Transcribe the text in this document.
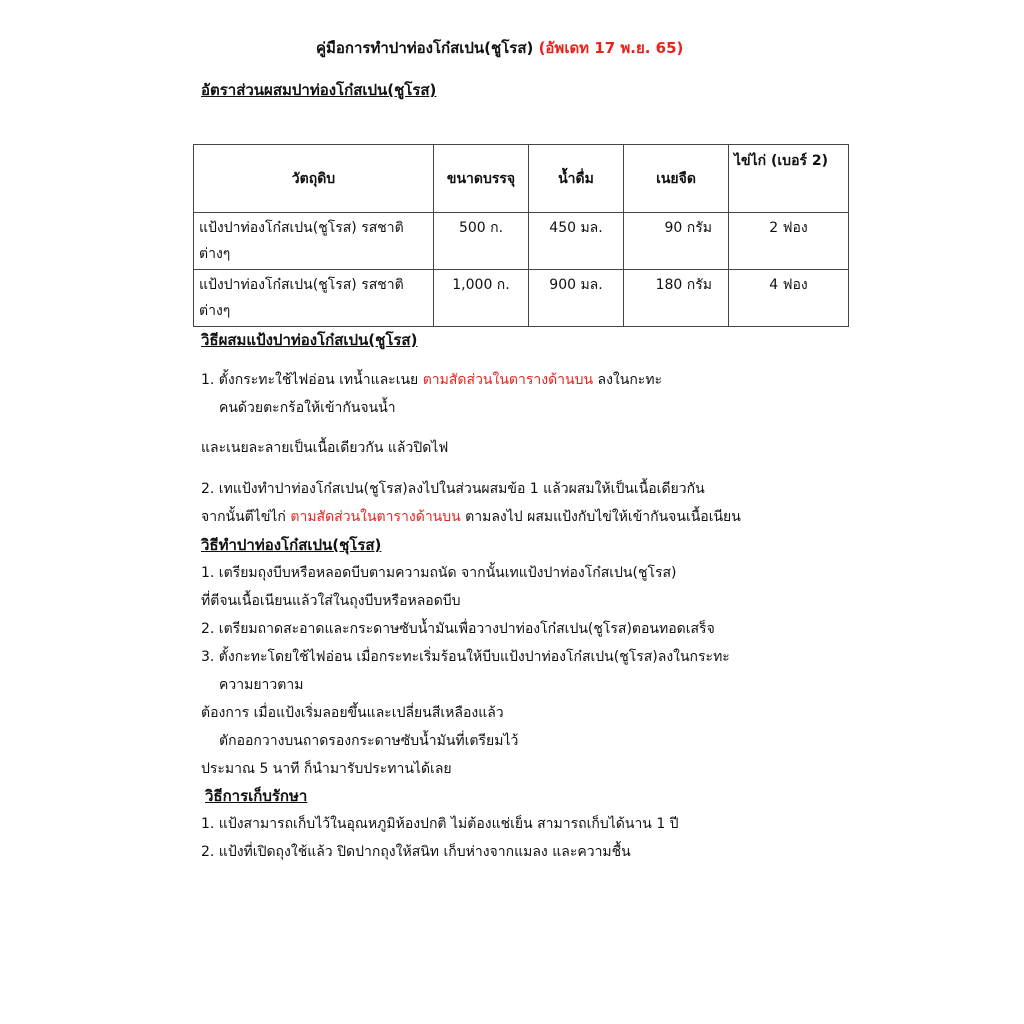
คู่มือการทำปาท่องโก๋สเปน(ชูโรส) (อัพเดท 17 พ.ย. 65)
อัตราส่วนผสมปาท่องโก๋สเปน(ชูโรส)
วัตถุดิบ	ขนาดบรรจุ	น้ำดื่ม	เนยจืด	ไข่ไก่ (เบอร์ 2)
แป้งปาท่องโก๋สเปน(ชูโรส) รสชาติต่างๆ	500 ก.	450 มล.	90 กรัม	2 ฟอง
แป้งปาท่องโก๋สเปน(ชูโรส) รสชาติต่างๆ	1,000 ก.	900 มล.	180 กรัม	4 ฟอง
วิธีผสมแป้งปาท่องโก๋สเปน(ชูโรส)
1. ตั้งกระทะใช้ไฟอ่อน เทน้ำและเนย ตามสัดส่วนในตารางด้านบน ลงในกะทะ
คนด้วยตะกร้อให้เข้ากันจนน้ำ
และเนยละลายเป็นเนื้อเดียวกัน แล้วปิดไฟ
2. เทแป้งทำปาท่องโก๋สเปน(ชูโรส)ลงไปในส่วนผสมข้อ 1 แล้วผสมให้เป็นเนื้อเดียวกัน
จากนั้นตีไข่ไก่ ตามสัดส่วนในตารางด้านบน ตามลงไป ผสมแป้งกับไข่ให้เข้ากันจนเนื้อเนียน
วิธีทำปาท่องโก๋สเปน(ชุโรส)
1. เตรียมถุงบีบหรือหลอดบีบตามความถนัด จากนั้นเทแป้งปาท่องโก๋สเปน(ชูโรส)
ที่ตีจนเนื้อเนียนแล้วใส่ในถุงบีบหรือหลอดบีบ
2. เตรียมถาดสะอาดและกระดาษซับน้ำมันเพื่อวางปาท่องโก๋สเปน(ชูโรส)ตอนทอดเสร็จ
3. ตั้งกะทะโดยใช้ไฟอ่อน เมื่อกระทะเริ่มร้อนให้บีบแป้งปาท่องโก๋สเปน(ชูโรส)ลงในกระทะ
ความยาวตาม
ต้องการ เมื่อแป้งเริ่มลอยขึ้นและเปลี่ยนสีเหลืองแล้ว
ตักออกวางบนถาดรองกระดาษซับน้ำมันที่เตรียมไว้
ประมาณ 5 นาที ก็นำมารับประทานได้เลย
วิธีการเก็บรักษา
1. แป้งสามารถเก็บไว้ในอุณหภูมิห้องปกติ ไม่ต้องแช่เย็น สามารถเก็บได้นาน 1 ปี
2. แป้งที่เปิดถุงใช้แล้ว ปิดปากถุงให้สนิท เก็บห่างจากแมลง และความชื้น
